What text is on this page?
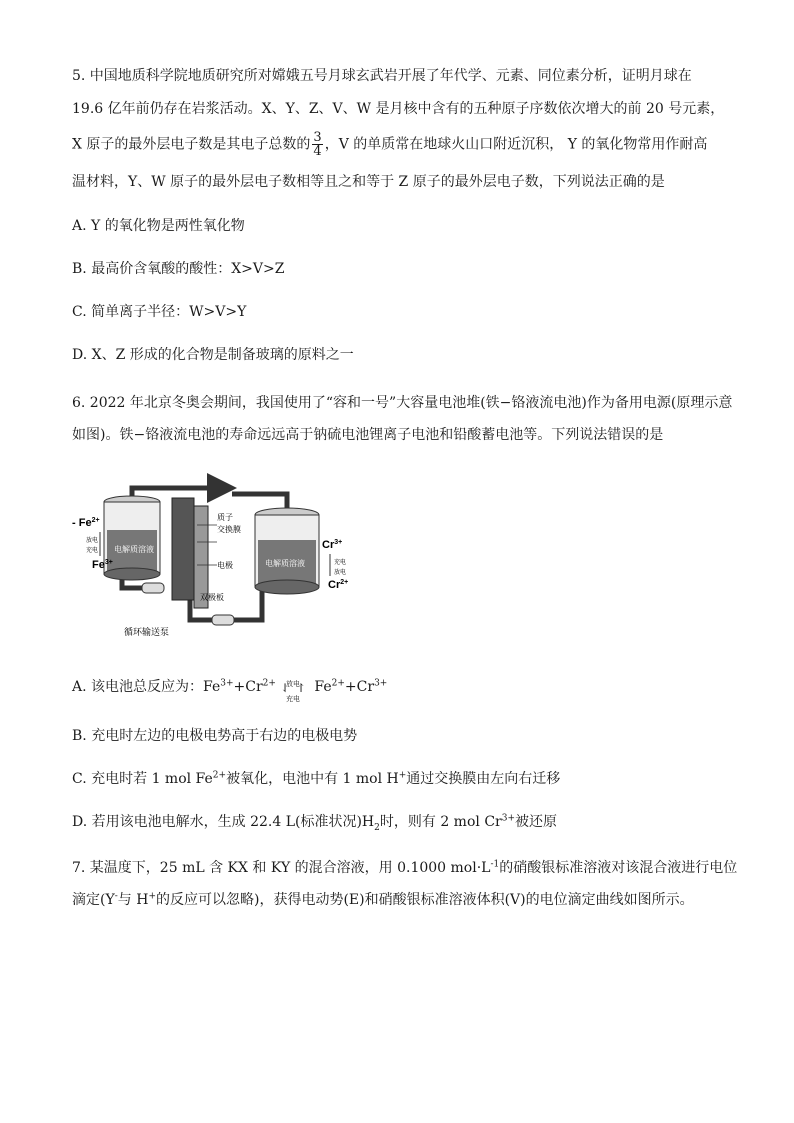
5. 中国地质科学院地质研究所对嫦娥五号月球玄武岩开展了年代学、元素、同位素分析，证明月球在
19.6 亿年前仍存在岩浆活动。X、Y、Z、V、W 是月核中含有的五种原子序数依次增大的前 20 号元素，
X 原子的最外层电子数是其电子总数的 $\frac{3}{4}$ ，V 的单质常在地球火山口附近沉积， Y 的氧化物常用作耐高
温材料，Y、W 原子的最外层电子数相等且之和等于 Z 原子的最外层电子数，下列说法正确的是
A. Y 的氧化物是两性氧化物
B. 最高价含氧酸的酸性：X>V>Z
C. 简单离子半径：W>V>Y
D. X、Z 形成的化合物是制备玻璃的原料之一
6. 2022 年北京冬奥会期间，我国使用了“容和一号”大容量电池堆(铁−铬液流电池)作为备用电源(原理示意
如图)。铁−铬液流电池的寿命远远高于钠硫电池锂离子电池和铅酸蓄电池等。下列说法错误的是
电解质溶液
质子
交换膜
电极	电解质溶液
双极板
循环输送泵
- $Fe^{2+}$
$Fe^{3+}$
放电
充电	$Cr^{3+}$
$Cr^{2+}$
充电
放电
A. 该电池总反应为：$Fe^{3+}+Cr^{2+}$ ⇃
放电
充电
↾ $Fe^{2+}+Cr^{3+}$
B. 充电时左边的电极电势高于右边的电极电势
C. 充电时若 1 mol $Fe^{2+}$被氧化，电池中有 1 mol H+通过交换膜由左向右迁移
D. 若用该电池电解水，生成 22.4 L(标准状况)$H_2$时，则有 2 mol $Cr^{3+}$被还原
7. 某温度下，25 mL 含 KX 和 KY 的混合溶液，用 0.1000 $mol\cdot L^{-1}$的硝酸银标准溶液对该混合液进行电位
滴定(Y-与 H+的反应可以忽略)，获得电动势(E)和硝酸银标准溶液体积(V)的电位滴定曲线如图所示。
